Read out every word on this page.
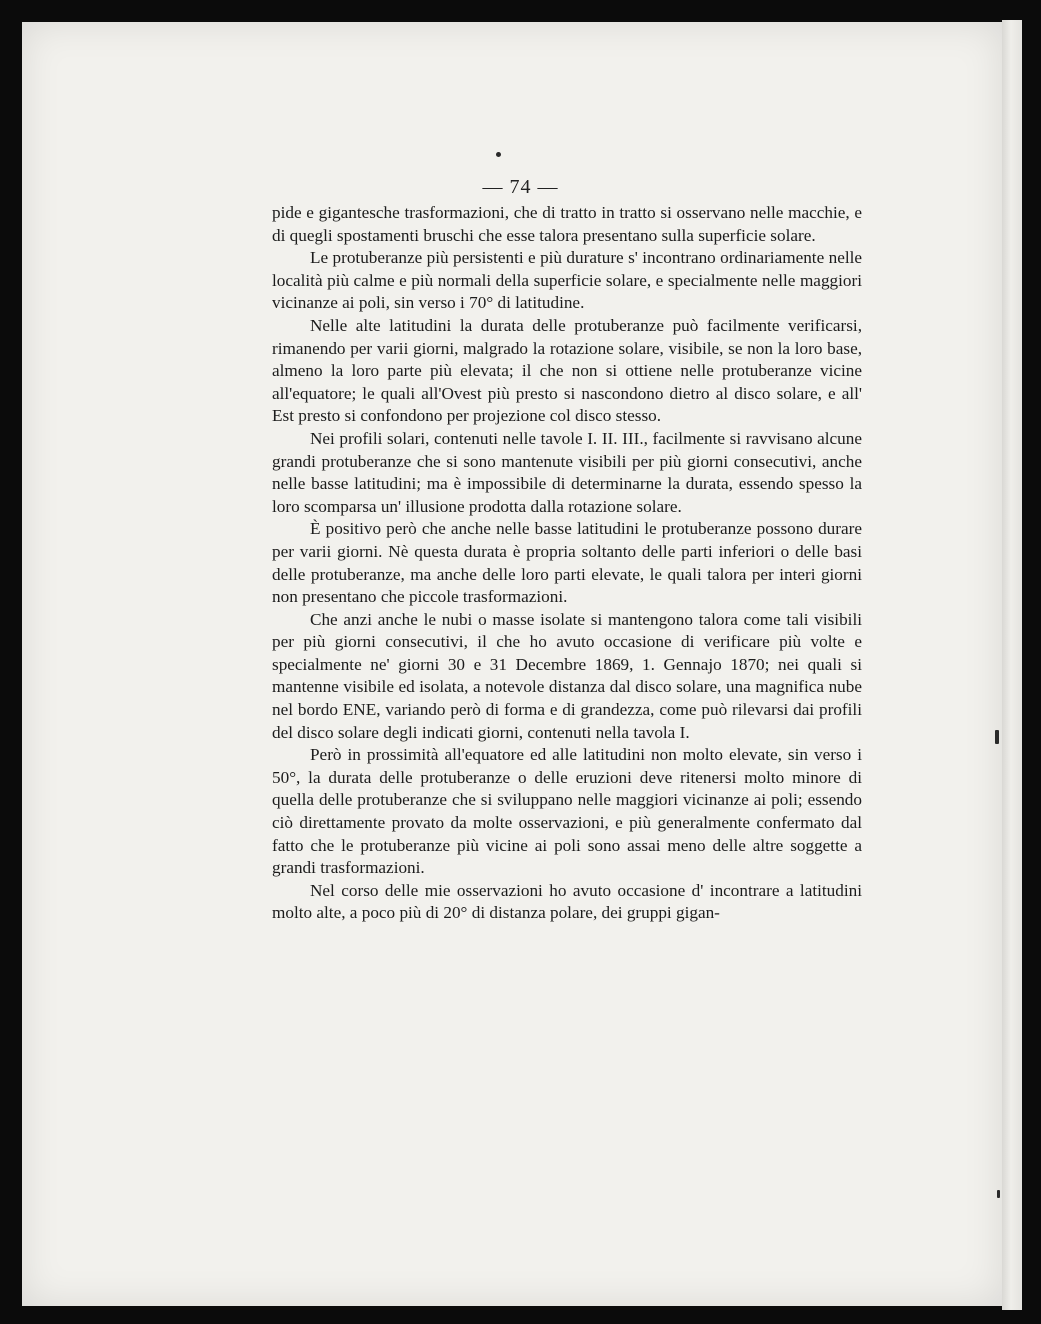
— 74 —

pide e gigantesche trasformazioni, che di tratto in tratto si osservano nelle macchie, e di quegli spostamenti bruschi che esse talora presentano sulla superficie solare.

Le protuberanze più persistenti e più durature s' incontrano ordinariamente nelle località più calme e più normali della superficie solare, e specialmente nelle maggiori vicinanze ai poli, sin verso i 70° di latitudine.

Nelle alte latitudini la durata delle protuberanze può facilmente verificarsi, rimanendo per varii giorni, malgrado la rotazione solare, visibile, se non la loro base, almeno la loro parte più elevata; il che non si ottiene nelle protuberanze vicine all'equatore; le quali all'Ovest più presto si nascondono dietro al disco solare, e all' Est presto si confondono per projezione col disco stesso.

Nei profili solari, contenuti nelle tavole I. II. III., facilmente si ravvisano alcune grandi protuberanze che si sono mantenute visibili per più giorni consecutivi, anche nelle basse latitudini; ma è impossibile di determinarne la durata, essendo spesso la loro scomparsa un' illusione prodotta dalla rotazione solare.

È positivo però che anche nelle basse latitudini le protuberanze possono durare per varii giorni. Nè questa durata è propria soltanto delle parti inferiori o delle basi delle protuberanze, ma anche delle loro parti elevate, le quali talora per interi giorni non presentano che piccole trasformazioni.

Che anzi anche le nubi o masse isolate si mantengono talora come tali visibili per più giorni consecutivi, il che ho avuto occasione di verificare più volte e specialmente ne' giorni 30 e 31 Decembre 1869, 1. Gennajo 1870; nei quali si mantenne visibile ed isolata, a notevole distanza dal disco solare, una magnifica nube nel bordo ENE, variando però di forma e di grandezza, come può rilevarsi dai profili del disco solare degli indicati giorni, contenuti nella tavola I.

Però in prossimità all'equatore ed alle latitudini non molto elevate, sin verso i 50°, la durata delle protuberanze o delle eruzioni deve ritenersi molto minore di quella delle protuberanze che si sviluppano nelle maggiori vicinanze ai poli; essendo ciò direttamente provato da molte osservazioni, e più generalmente confermato dal fatto che le protuberanze più vicine ai poli sono assai meno delle altre soggette a grandi trasformazioni.

Nel corso delle mie osservazioni ho avuto occasione d' incontrare a latitudini molto alte, a poco più di 20° di distanza polare, dei gruppi gigan-
